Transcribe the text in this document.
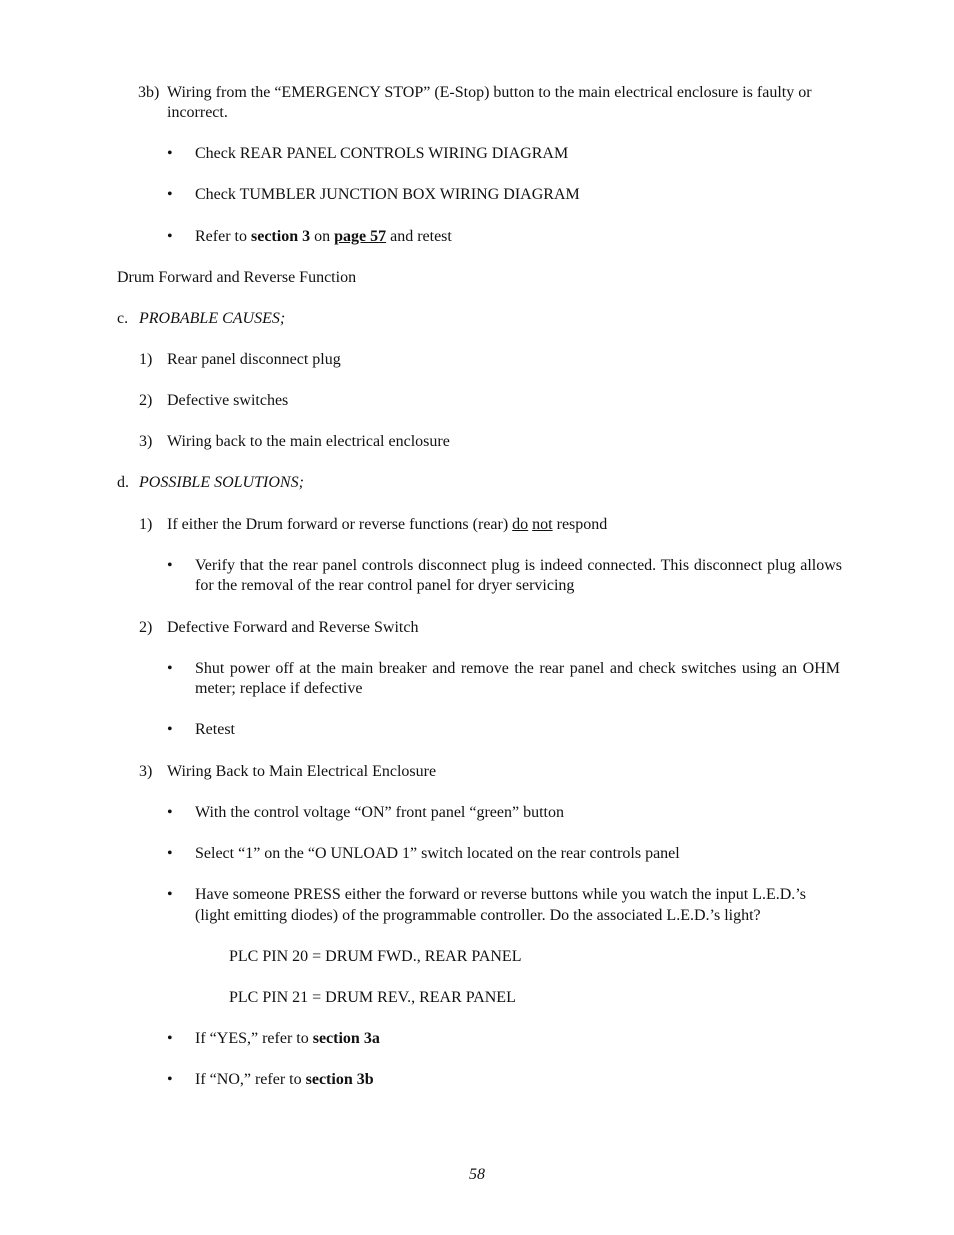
3b) Wiring from the “EMERGENCY STOP” (E-Stop) button to the main electrical enclosure is faulty or
incorrect.
• Check REAR PANEL CONTROLS WIRING DIAGRAM
• Check TUMBLER JUNCTION BOX WIRING DIAGRAM
• Refer to section 3 on page 57 and retest
Drum Forward and Reverse Function
c. PROBABLE CAUSES;
1) Rear panel disconnect plug
2) Defective switches
3) Wiring back to the main electrical enclosure
d. POSSIBLE SOLUTIONS;
1) If either the Drum forward or reverse functions (rear) do not respond
• Verify that the rear panel controls disconnect plug is indeed connected. This disconnect plug allows for the removal of the rear control panel for dryer servicing
2) Defective Forward and Reverse Switch
• Shut power off at the main breaker and remove the rear panel and check switches using an OHM meter; replace if defective
• Retest
3) Wiring Back to Main Electrical Enclosure
• With the control voltage “ON” front panel “green” button
• Select “1” on the “O UNLOAD 1” switch located on the rear controls panel
• Have someone PRESS either the forward or reverse buttons while you watch the input L.E.D.’s
(light emitting diodes) of the programmable controller. Do the associated L.E.D.’s light?
PLC PIN 20 = DRUM FWD., REAR PANEL
PLC PIN 21 = DRUM REV., REAR PANEL
• If “YES,” refer to section 3a
• If “NO,” refer to section 3b
58
